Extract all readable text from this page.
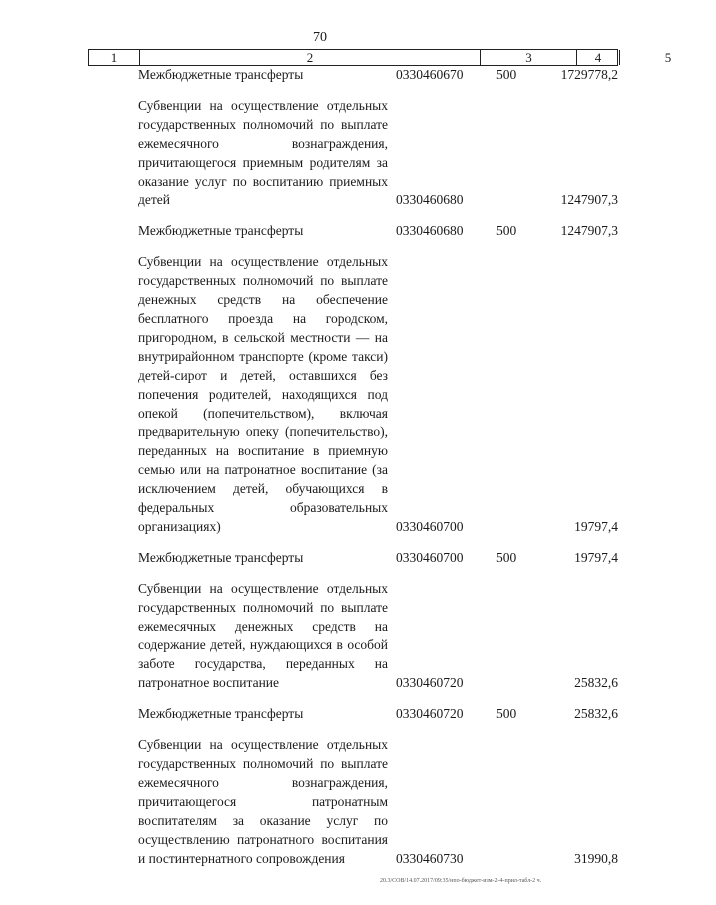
70
1	2	3	4	5
Межбюджетные трансферты	0330460670 500	1729778,2
Субвенции на осуществление отдельных государственных полномочий по выплате ежемесячного вознаграждения, причитающегося приемным родителям за оказание услуг по воспитанию приемных детей	0330460680	1247907,3
Межбюджетные трансферты	0330460680 500	1247907,3
Субвенции на осуществление отдельных государственных полномочий по выплате денежных средств на обеспечение бесплатного проезда на городском, пригородном, в сельской местности — на внутрирайонном транспорте (кроме такси) детей-сирот и детей, оставшихся без попечения родителей, находящихся под опекой (попечительством), включая предварительную опеку (попечительство), переданных на воспитание в приемную семью или на патронатное воспитание (за исключением детей, обучающихся в федеральных образовательных организациях)	0330460700	19797,4
Межбюджетные трансферты	0330460700 500	19797,4
Субвенции на осуществление отдельных государственных полномочий по выплате ежемесячных денежных средств на содержание детей, нуждающихся в особой заботе государства, переданных на патронатное воспитание	0330460720	25832,6
Межбюджетные трансферты	0330460720 500	25832,6
Субвенции на осуществление отдельных государственных полномочий по выплате ежемесячного вознаграждения, причитающегося патронатным воспитателям за оказание услуг по осуществлению патронатного воспитания и постинтернатного сопровождения	0330460730	31990,8
20.3/СОВ/14.07.2017/09:35/нпо-бюджет-изм-2-4-прил-табл-2 ч.
